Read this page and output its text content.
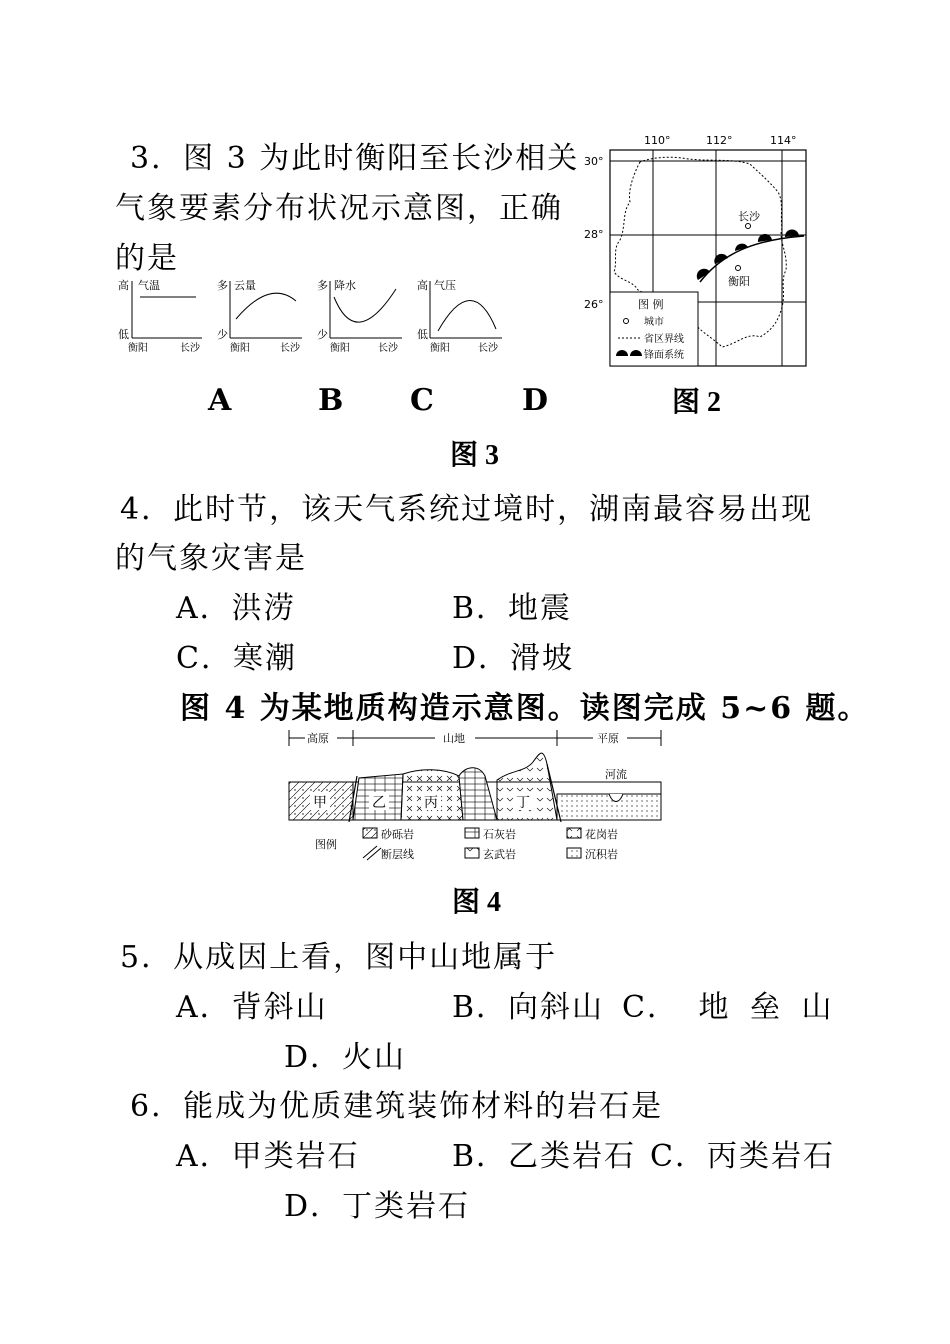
3．图 3 为此时衡阳至长沙相关
气象要素分布状况示意图，正确
的是
高 气温
低
衡阳	长沙
多 云量
少
衡阳	长沙
多 降水
少
衡阳	长沙
高 气压
低
衡阳	长沙
A	B C	D
图 3
110°	112°	114°
30°
28°
26°
长沙
衡阳
图 例
城市
省区界线
锋面系统
图 2
4．此时节，该天气系统过境时，湖南最容易出现
的气象灾害是
A．洪涝	B．地震
C．寒潮	D．滑坡
图 4 为某地质构造示意图。读图完成 5~6 题。
高原	山地	平原
河流
甲	乙	丙	丁
图例
砂砾岩	石灰岩	花岗岩
断层线	玄武岩	沉积岩
图 4
5．从成因上看，图中山地属于
A．背斜山	B．向斜山 C． 地 垒 山
D．火山
6．能成为优质建筑装饰材料的岩石是
A．甲类岩石	B．乙类岩石 C．丙类岩石
D．丁类岩石
